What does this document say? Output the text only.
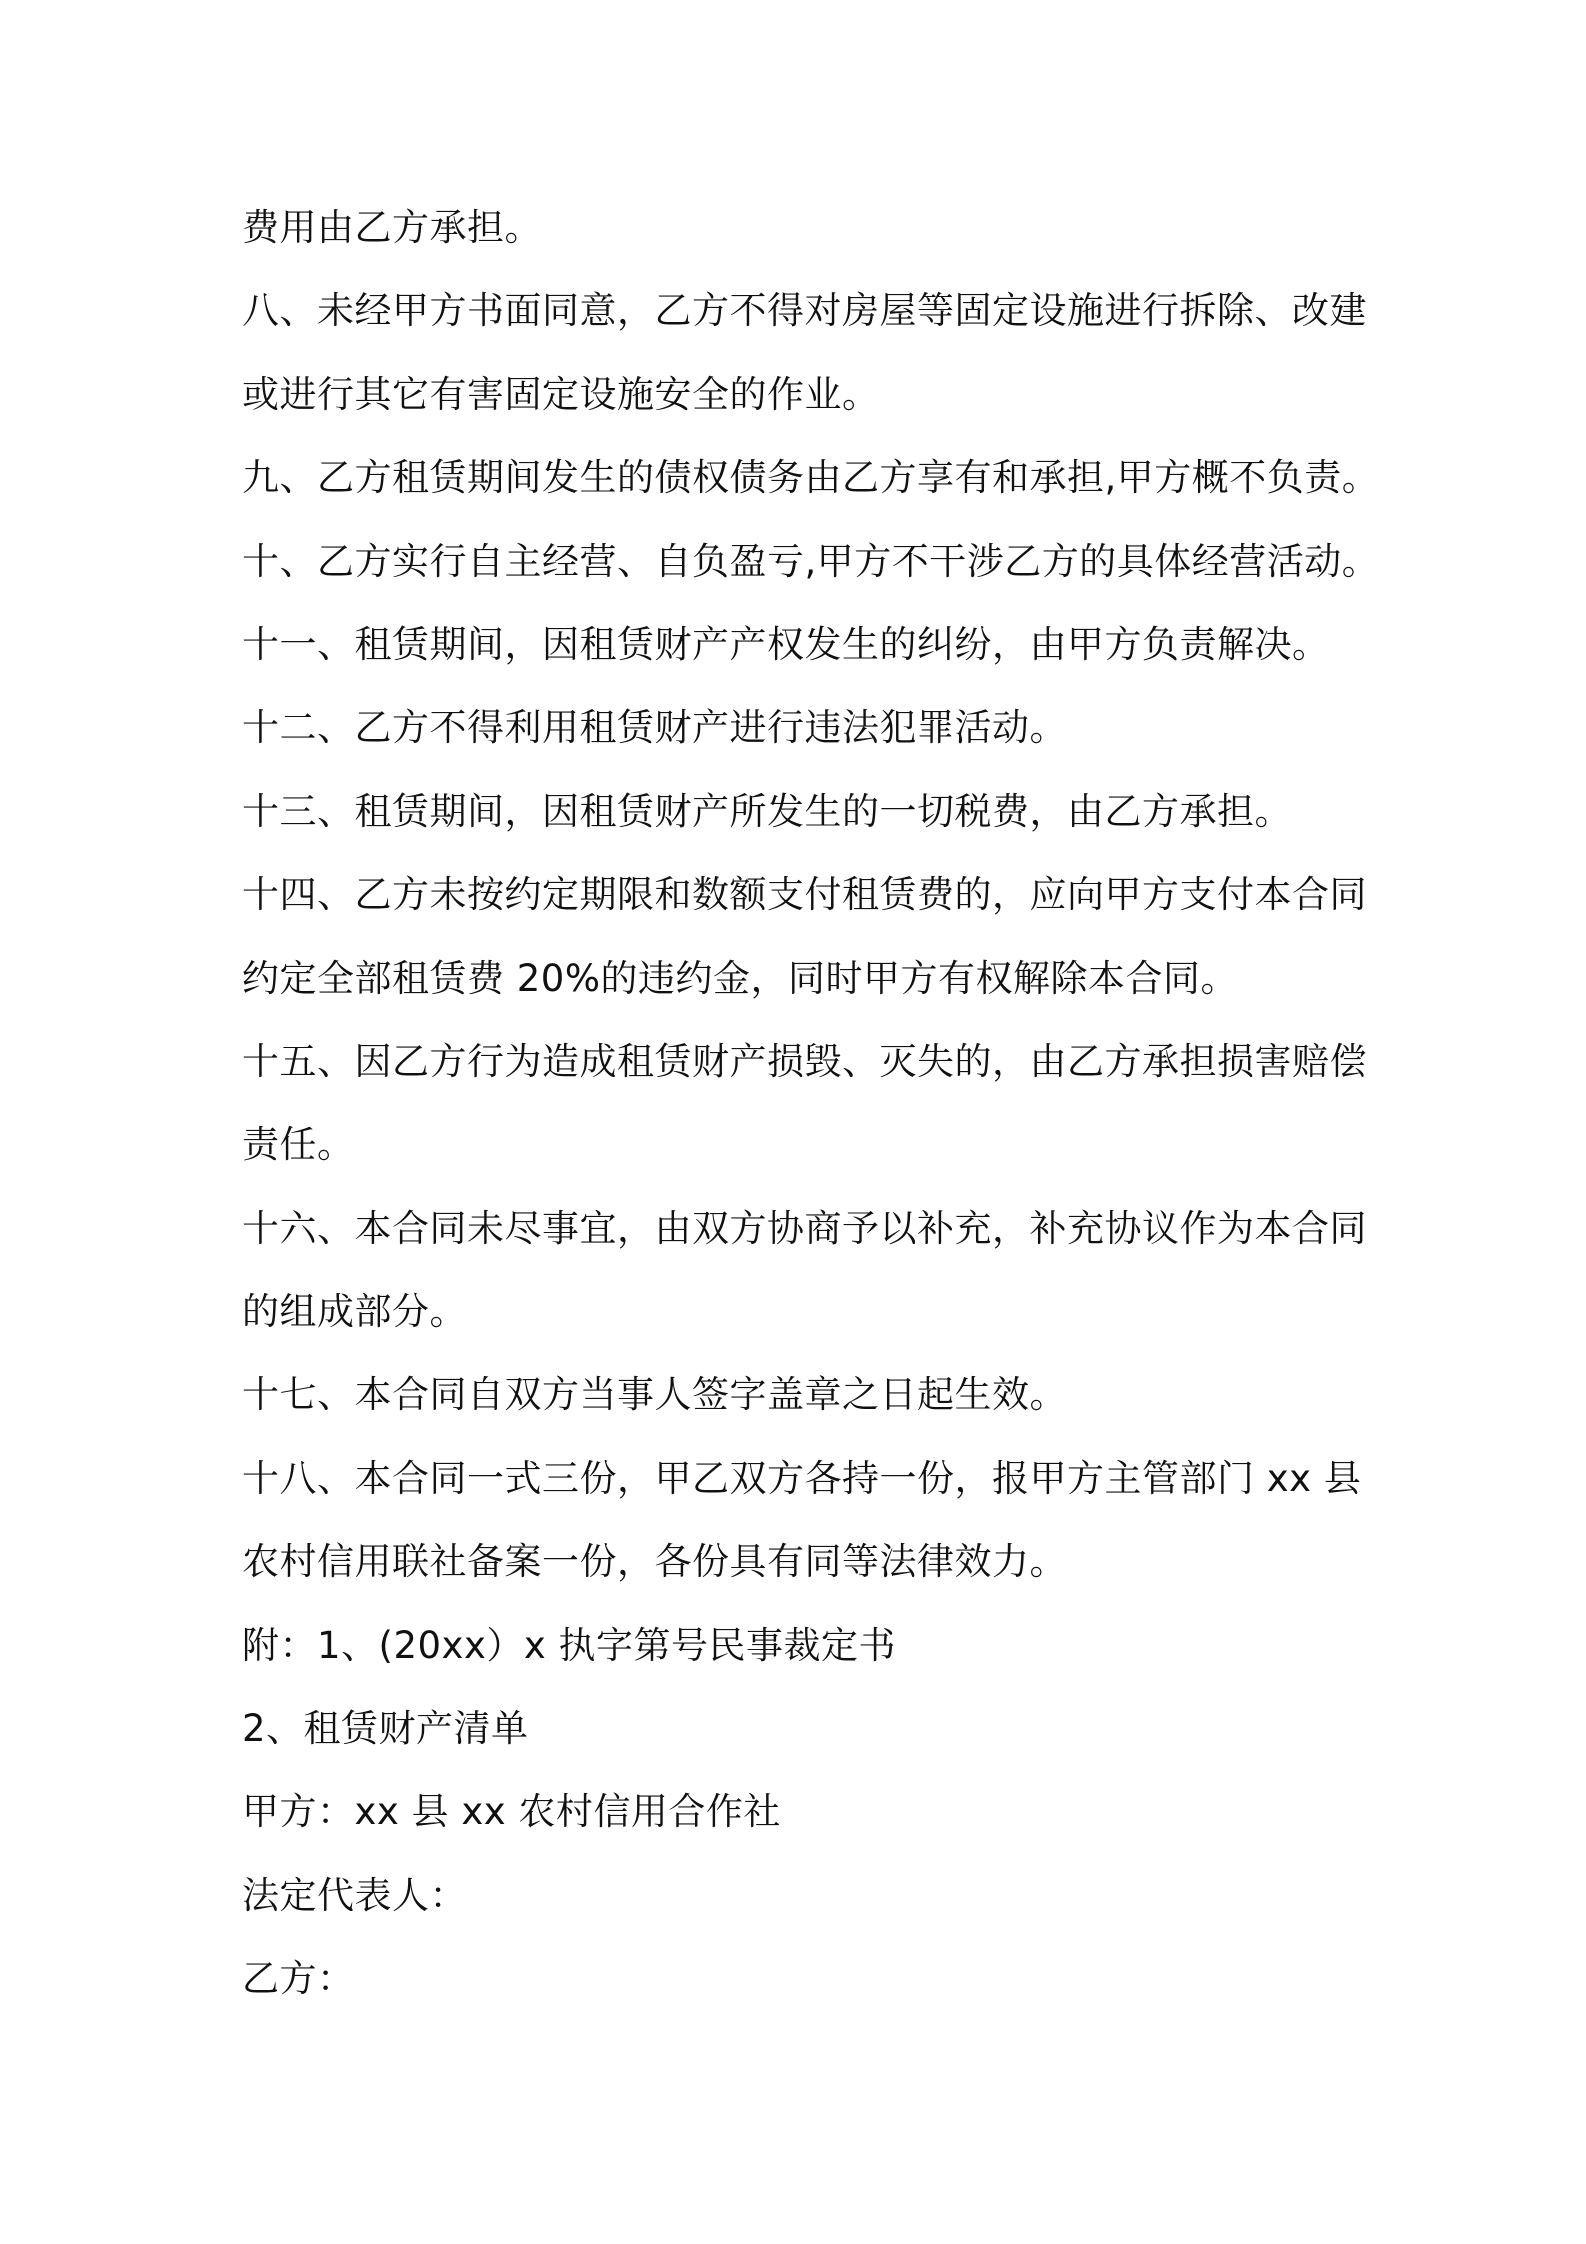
费用由乙方承担。
八、未经甲方书面同意，乙方不得对房屋等固定设施进行拆除、改建
或进行其它有害固定设施安全的作业。
九、乙方租赁期间发生的债权债务由乙方享有和承担,甲方概不负责。
十、乙方实行自主经营、自负盈亏,甲方不干涉乙方的具体经营活动。
十一、租赁期间，因租赁财产产权发生的纠纷，由甲方负责解决。
十二、乙方不得利用租赁财产进行违法犯罪活动。
十三、租赁期间，因租赁财产所发生的一切税费，由乙方承担。
十四、乙方未按约定期限和数额支付租赁费的，应向甲方支付本合同
约定全部租赁费 20%的违约金，同时甲方有权解除本合同。
十五、因乙方行为造成租赁财产损毁、灭失的，由乙方承担损害赔偿
责任。
十六、本合同未尽事宜，由双方协商予以补充，补充协议作为本合同
的组成部分。
十七、本合同自双方当事人签字盖章之日起生效。
十八、本合同一式三份，甲乙双方各持一份，报甲方主管部门 xx 县
农村信用联社备案一份，各份具有同等法律效力。
附：1、(20xx）x 执字第号民事裁定书
2、租赁财产清单
甲方：xx 县 xx 农村信用合作社
法定代表人：
乙方：
